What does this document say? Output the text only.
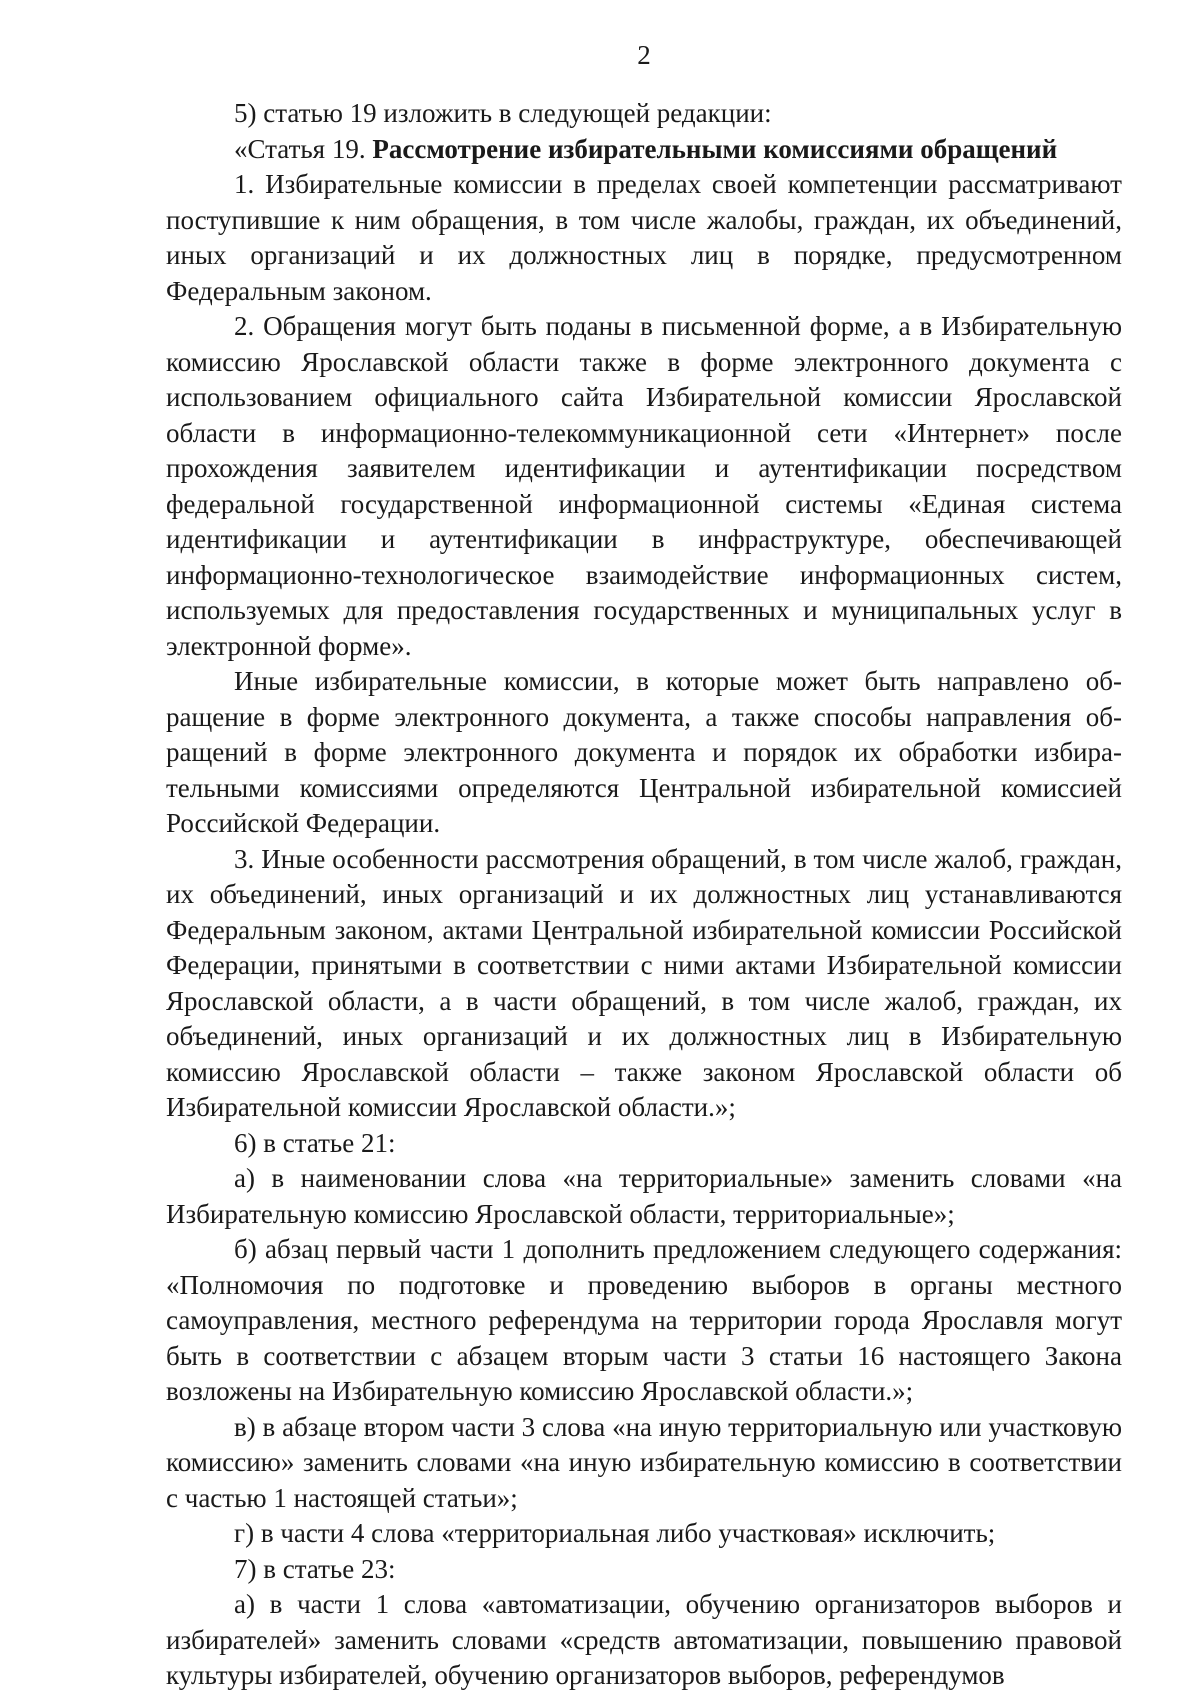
2

5) статью 19 изложить в следующей редакции:

«Статья 19. Рассмотрение избирательными комиссиями обращений

1. Избирательные комиссии в пределах своей компетенции рассматривают поступившие к ним обращения, в том числе жалобы, граждан, их объединений, иных организаций и их должностных лиц в порядке, предусмотренном Федеральным законом.

2. Обращения могут быть поданы в письменной форме, а в Избирательную комиссию Ярославской области также в форме электронного документа с использованием официального сайта Избирательной комиссии Ярославской области в информационно-телекоммуникационной сети «Интернет» после прохождения заявителем идентификации и аутентификации посредством федеральной государственной информационной системы «Единая система идентификации и аутентификации в инфраструктуре, обеспечивающей информационно-технологическое взаимодействие информационных систем, используемых для предоставления государственных и муниципальных услуг в электронной форме».

Иные избирательные комиссии, в которые может быть направлено обращение в форме электронного документа, а также способы направления обращений в форме электронного документа и порядок их обработки избирательными комиссиями определяются Центральной избирательной комиссией Российской Федерации.

3. Иные особенности рассмотрения обращений, в том числе жалоб, граждан, их объединений, иных организаций и их должностных лиц устанавливаются Федеральным законом, актами Центральной избирательной комиссии Российской Федерации, принятыми в соответствии с ними актами Избирательной комиссии Ярославской области, а в части обращений, в том числе жалоб, граждан, их объединений, иных организаций и их должностных лиц в Избирательную комиссию Ярославской области – также законом Ярославской области об Избирательной комиссии Ярославской области.»;

6) в статье 21:

а) в наименовании слова «на территориальные» заменить словами «на Избирательную комиссию Ярославской области, территориальные»;

б) абзац первый части 1 дополнить предложением следующего содержания: «Полномочия по подготовке и проведению выборов в органы местного самоуправления, местного референдума на территории города Ярославля могут быть в соответствии с абзацем вторым части 3 статьи 16 настоящего Закона возложены на Избирательную комиссию Ярославской области.»;

в) в абзаце втором части 3 слова «на иную территориальную или участковую комиссию» заменить словами «на иную избирательную комиссию в соответствии с частью 1 настоящей статьи»;

г) в части 4 слова «территориальная либо участковая» исключить;

7) в статье 23:

а) в части 1 слова «автоматизации, обучению организаторов выборов и избирателей» заменить словами «средств автоматизации, повышению правовой культуры избирателей, обучению организаторов выборов, референдумов
